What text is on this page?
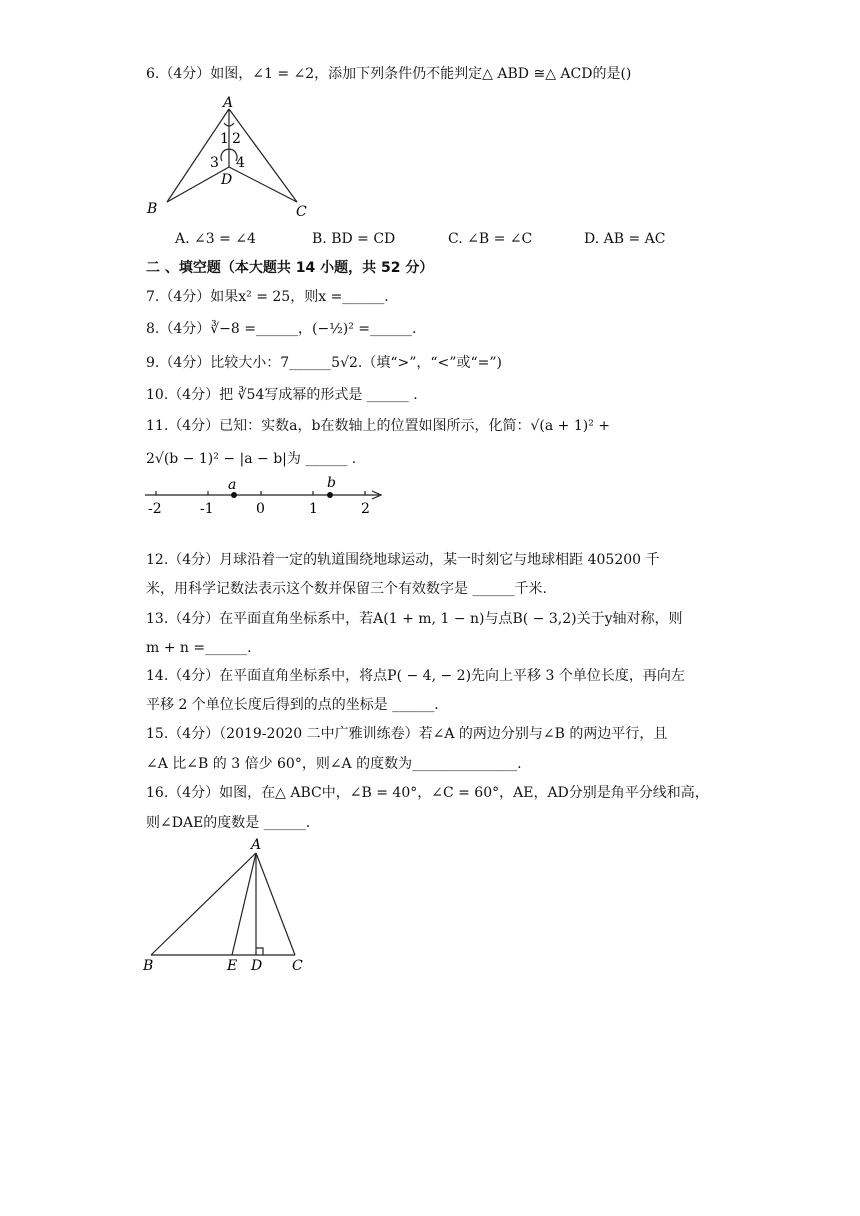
6.（4分）如图，∠1 = ∠2，添加下列条件仍不能判定△ ABD ≅△ ACD的是()
A
1 2
3 4
D
B	C
A. ∠3 = ∠4	B. BD = CD	C. ∠B = ∠C	D. AB = AC
二 、填空题（本大题共 14 小题，共 52 分）
7.（4分）如果x² = 25，则x =______.
8.（4分）∛−8 =______，(−½)² =______.
9.（4分）比较大小：7______5√2.（填“>”，“<”或“=”)
10.（4分）把 ∛54写成幂的形式是 ______ .
11.（4分）已知：实数a，b在数轴上的位置如图所示，化简：√(a + 1)² +
2√(b − 1)² − |a − b|为 ______ .
a	b
-2	-1	0	1	2
12.（4分）月球沿着一定的轨道围绕地球运动，某一时刻它与地球相距 405200 千
米，用科学记数法表示这个数并保留三个有效数字是 ______千米.
13.（4分）在平面直角坐标系中，若A(1 + m, 1 − n)与点B( − 3,2)关于y轴对称，则
m + n =______.
14.（4分）在平面直角坐标系中，将点P( − 4, − 2)先向上平移 3 个单位长度，再向左
平移 2 个单位长度后得到的点的坐标是 ______.
15.（4分）（2019-2020 二中广雅训练卷）若∠A 的两边分别与∠B 的两边平行，且
∠A 比∠B 的 3 倍少 60°，则∠A 的度数为_______________.
16.（4分）如图，在△ ABC中，∠B = 40°，∠C = 60°，AE，AD分别是角平分线和高，
则∠DAE的度数是 ______.
A
B	E D C
